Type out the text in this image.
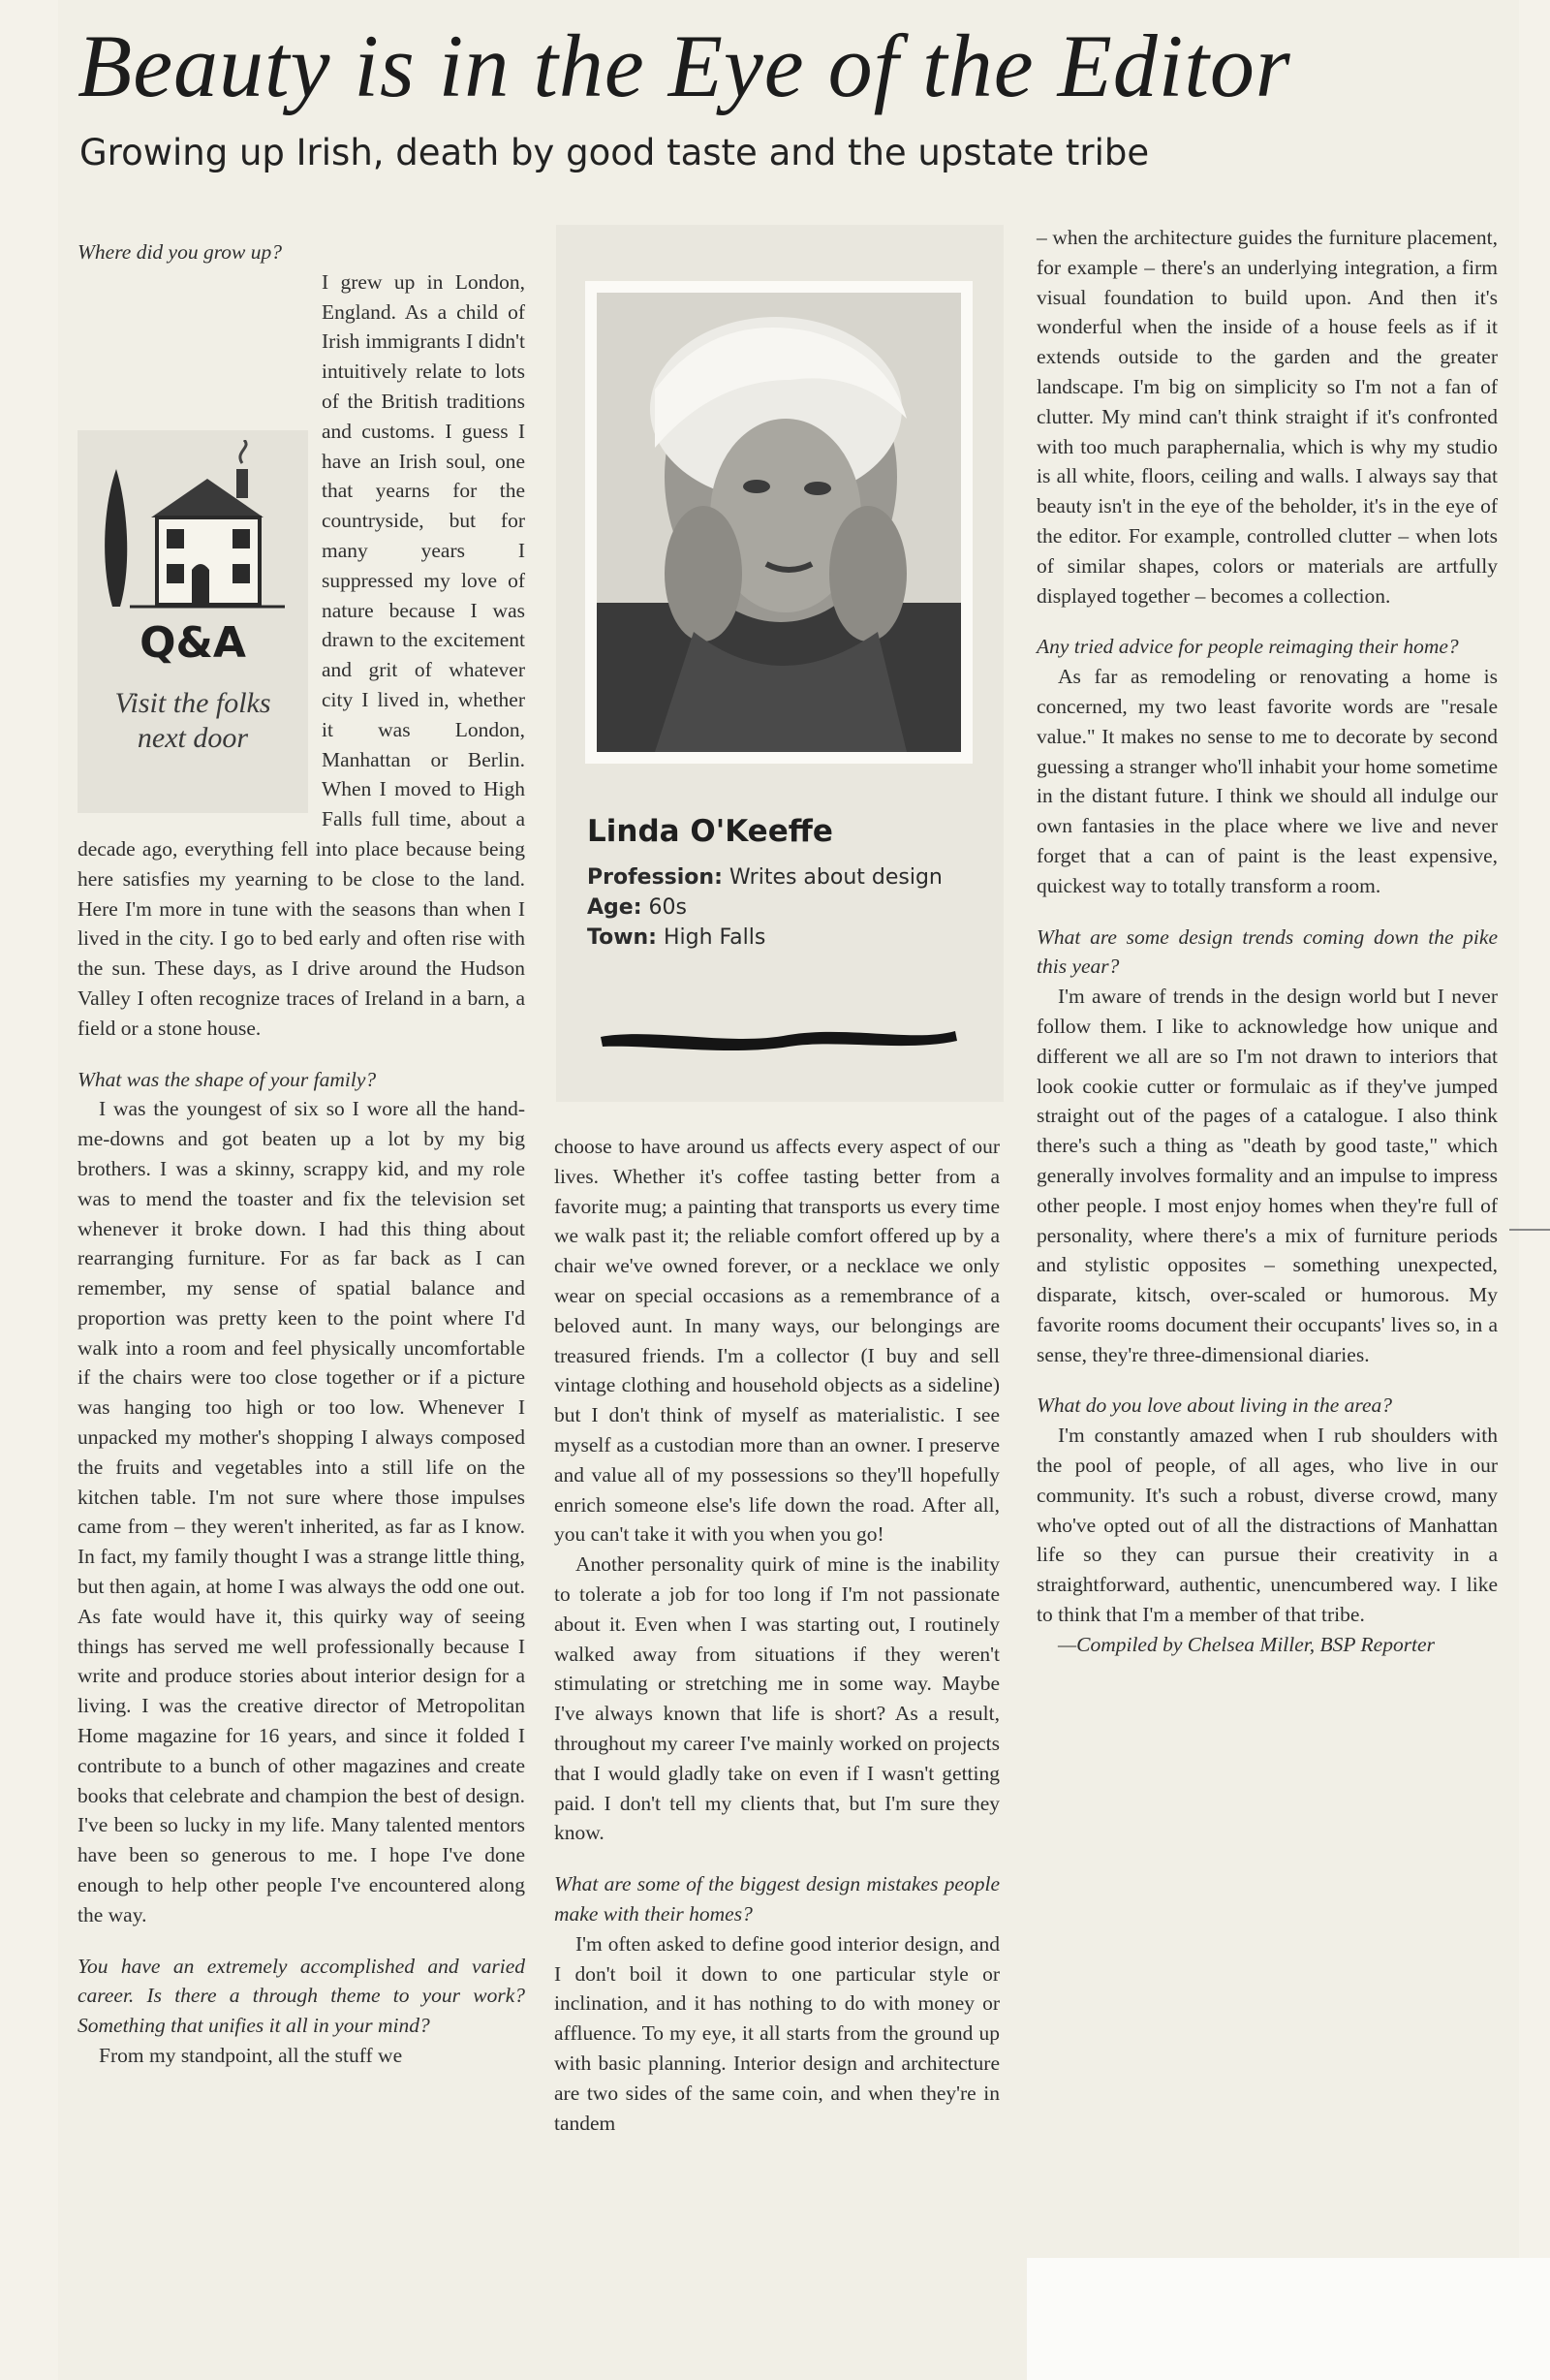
Beauty is in the Eye of the Editor
Growing up Irish, death by good taste and the upstate tribe

Where did you grow up?

Q&A
Visit the folks
next door
I grew up in London, England. As a child of Irish immigrants I didn't intuitively relate to lots of the British traditions and customs. I guess I have an Irish soul, one that yearns for the countryside, but for many years I suppressed my love of nature because I was drawn to the excitement and grit of whatever city I lived in, whether it was London, Manhattan or Berlin. When I moved to High Falls full time, about a decade ago, everything fell into place because being here satisfies my yearning to be close to the land. Here I'm more in tune with the seasons than when I lived in the city. I go to bed early and often rise with the sun. These days, as I drive around the Hudson Valley I often recognize traces of Ireland in a barn, a field or a stone house.

What was the shape of your family?

I was the youngest of six so I wore all the hand-me-downs and got beaten up a lot by my big brothers. I was a skinny, scrappy kid, and my role was to mend the toaster and fix the television set whenever it broke down. I had this thing about rearranging furniture. For as far back as I can remember, my sense of spatial balance and proportion was pretty keen to the point where I'd walk into a room and feel physically uncomfortable if the chairs were too close together or if a picture was hanging too high or too low. Whenever I unpacked my mother's shopping I always composed the fruits and vegetables into a still life on the kitchen table. I'm not sure where those impulses came from – they weren't inherited, as far as I know. In fact, my family thought I was a strange little thing, but then again, at home I was always the odd one out. As fate would have it, this quirky way of seeing things has served me well professionally because I write and produce stories about interior design for a living. I was the creative director of Metropolitan Home magazine for 16 years, and since it folded I contribute to a bunch of other magazines and create books that celebrate and champion the best of design. I've been so lucky in my life. Many talented mentors have been so generous to me. I hope I've done enough to help other people I've encountered along the way.

You have an extremely accomplished and varied career. Is there a through theme to your work? Something that unifies it all in your mind?

From my standpoint, all the stuff we

Linda O'Keeffe
Profession: Writes about design
Age: 60s
Town: High Falls

choose to have around us affects every aspect of our lives. Whether it's coffee tasting better from a favorite mug; a painting that transports us every time we walk past it; the reliable comfort offered up by a chair we've owned forever, or a necklace we only wear on special occasions as a remembrance of a beloved aunt. In many ways, our belongings are treasured friends. I'm a collector (I buy and sell vintage clothing and household objects as a sideline) but I don't think of myself as materialistic. I see myself as a custodian more than an owner. I preserve and value all of my possessions so they'll hopefully enrich someone else's life down the road. After all, you can't take it with you when you go!

Another personality quirk of mine is the inability to tolerate a job for too long if I'm not passionate about it. Even when I was starting out, I routinely walked away from situations if they weren't stimulating or stretching me in some way. Maybe I've always known that life is short? As a result, throughout my career I've mainly worked on projects that I would gladly take on even if I wasn't getting paid. I don't tell my clients that, but I'm sure they know.

What are some of the biggest design mistakes people make with their homes?

I'm often asked to define good interior design, and I don't boil it down to one particular style or inclination, and it has nothing to do with money or affluence. To my eye, it all starts from the ground up with basic planning. Interior design and architecture are two sides of the same coin, and when they're in tandem

– when the architecture guides the furniture placement, for example – there's an underlying integration, a firm visual foundation to build upon. And then it's wonderful when the inside of a house feels as if it extends outside to the garden and the greater landscape. I'm big on simplicity so I'm not a fan of clutter. My mind can't think straight if it's confronted with too much paraphernalia, which is why my studio is all white, floors, ceiling and walls. I always say that beauty isn't in the eye of the beholder, it's in the eye of the editor. For example, controlled clutter – when lots of similar shapes, colors or materials are artfully displayed together – becomes a collection.

Any tried advice for people reimaging their home?

As far as remodeling or renovating a home is concerned, my two least favorite words are "resale value." It makes no sense to me to decorate by second guessing a stranger who'll inhabit your home sometime in the distant future. I think we should all indulge our own fantasies in the place where we live and never forget that a can of paint is the least expensive, quickest way to totally transform a room.

What are some design trends coming down the pike this year?

I'm aware of trends in the design world but I never follow them. I like to acknowledge how unique and different we all are so I'm not drawn to interiors that look cookie cutter or formulaic as if they've jumped straight out of the pages of a catalogue. I also think there's such a thing as "death by good taste," which generally involves formality and an impulse to impress other people. I most enjoy homes when they're full of personality, where there's a mix of furniture periods and stylistic opposites – something unexpected, disparate, kitsch, over-scaled or humorous. My favorite rooms document their occupants' lives so, in a sense, they're three-dimensional diaries.

What do you love about living in the area?

I'm constantly amazed when I rub shoulders with the pool of people, of all ages, who live in our community. It's such a robust, diverse crowd, many who've opted out of all the distractions of Manhattan life so they can pursue their creativity in a straightforward, authentic, unencumbered way. I like to think that I'm a member of that tribe.

—Compiled by Chelsea Miller, BSP Reporter
